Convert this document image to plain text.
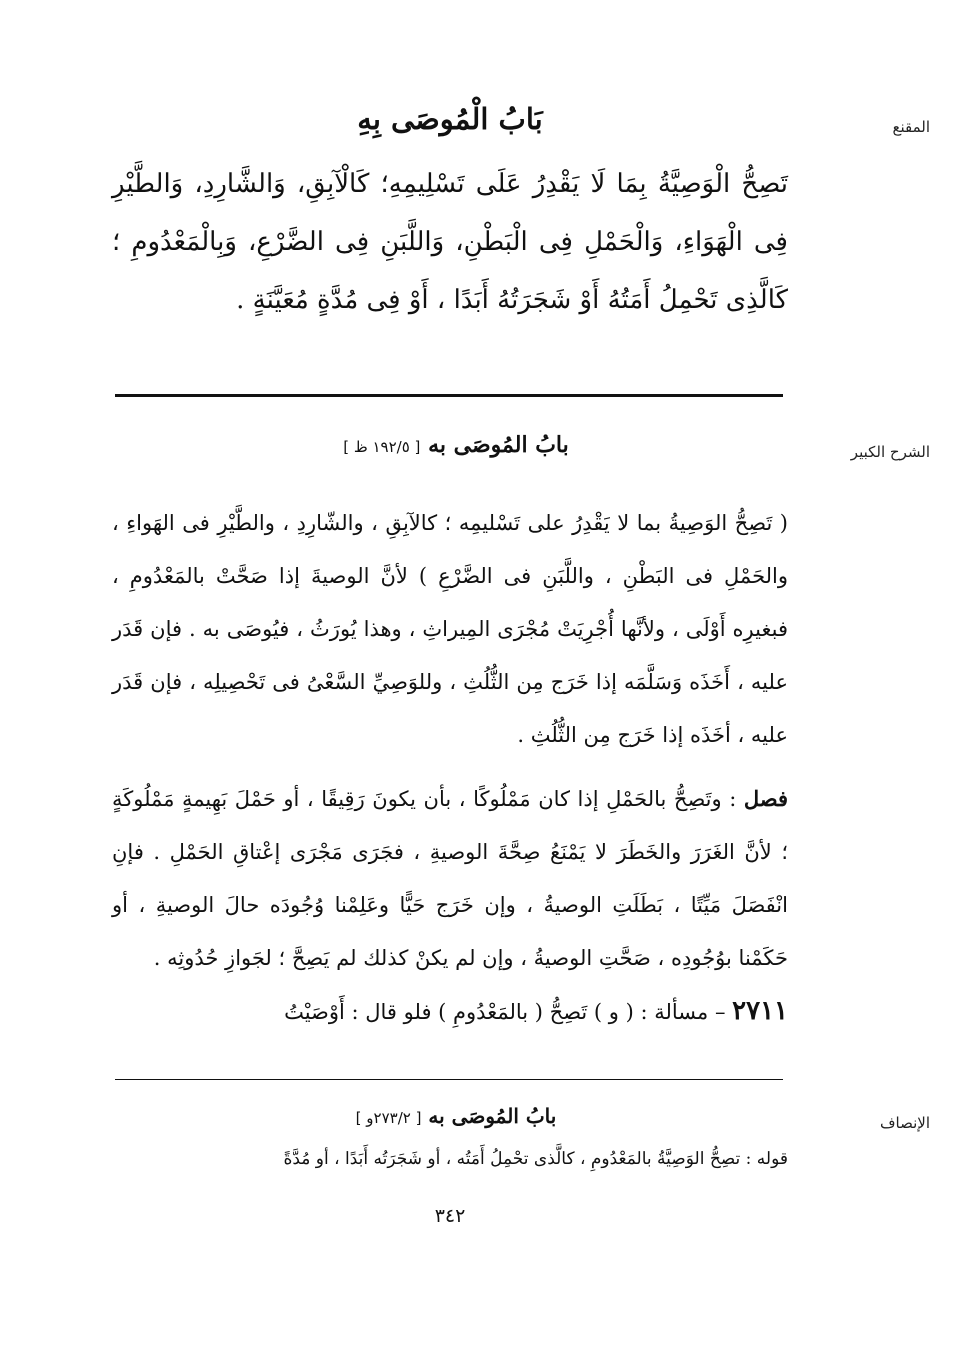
المقنع
بَابُ الْمُوصَى بِهِ

تَصِحُّ الْوَصِيَّةُ بِمَا لَا يَقْدِرُ عَلَى تَسْلِيمِهِ؛ كَالْآبِقِ، وَالشَّارِدِ، وَالطَّيْرِ فِى الْهَوَاءِ، وَالْحَمْلِ فِى الْبَطْنِ، وَاللَّبَنِ فِى الضَّرْعِ، وَبِالْمَعْدُومِ ؛ كَالَّذِى تَحْمِلُ أَمَتُهُ أَوْ شَجَرَتُهُ أَبَدًا ، أَوْ فِى مُدَّةٍ مُعَيَّنَةٍ .

الشرح الكبير
بابُ المُوصَى به [ ١٩٢/٥ ظ ]

( تَصِحُّ الوَصِيةُ بما لا يَقْدِرُ على تَسْليمِه ؛ كالآبِقِ ، والشّارِدِ ، والطَّيْرِ فى الهَواءِ ، والحَمْلِ فى البَطْنِ ، واللَّبَنِ فى الضَّرْعِ ) لأنَّ الوصيةَ إذا صَحَّتْ بالمَعْدُومِ ، فبغيرِه أَوْلَى ، ولأنَّها أُجْرِيَتْ مُجْرَى المِيراثِ ، وهذا يُورَثُ ، فيُوصَى به . فإن قَدَر عليه ، أَخَذَه وَسَلَّمَه إذا خَرَج مِن الثُّلُثِ ، وللوَصِيِّ السَّعْىُ فى تَحْصِيلِه ، فإن قَدَر عليه ، أخَذَه إذا خَرَج مِن الثُّلُثِ .

فصل : وتَصِحُّ بالحَمْلِ إذا كان مَمْلُوكًا ، بأن يكونَ رَقِيقًا ، أو حَمْلَ بَهِيمةٍ مَمْلُوكَةٍ ؛ لأنَّ الغَرَرَ والخَطَرَ لا يَمْنَعُ صِحَّةَ الوصيةِ ، فجَرَى مَجْرَى إعْتاقِ الحَمْلِ . فإنِ انْفَصَلَ مَيِّتًا ، بَطَلَتِ الوصيةُ ، وإن خَرَج حَيًّا وعَلِمْنا وُجُودَه حالَ الوصيةِ ، أو حَكَمْنا بوُجُودِه ، صَحَّتِ الوصيةُ ، وإن لم يكنْ كذلك لم يَصِحَّ ؛ لجَوازِ حُدُوثِه .

٢٧١١ – مسألة : ( و ) تَصِحُّ ( بالمَعْدُومِ ) فلو قال : أَوْصَيْتُ

الإنصاف
بابُ المُوصَى به [ ٢٧٣/٢و ]

قوله : تصِحُّ الوَصِيَّةُ بالمَعْدُومِ ، كالَّذى تحْمِلُ أَمَتُه ، أو شَجَرَتُه أَبَدًا ، أو مُدَّةً

٣٤٢
